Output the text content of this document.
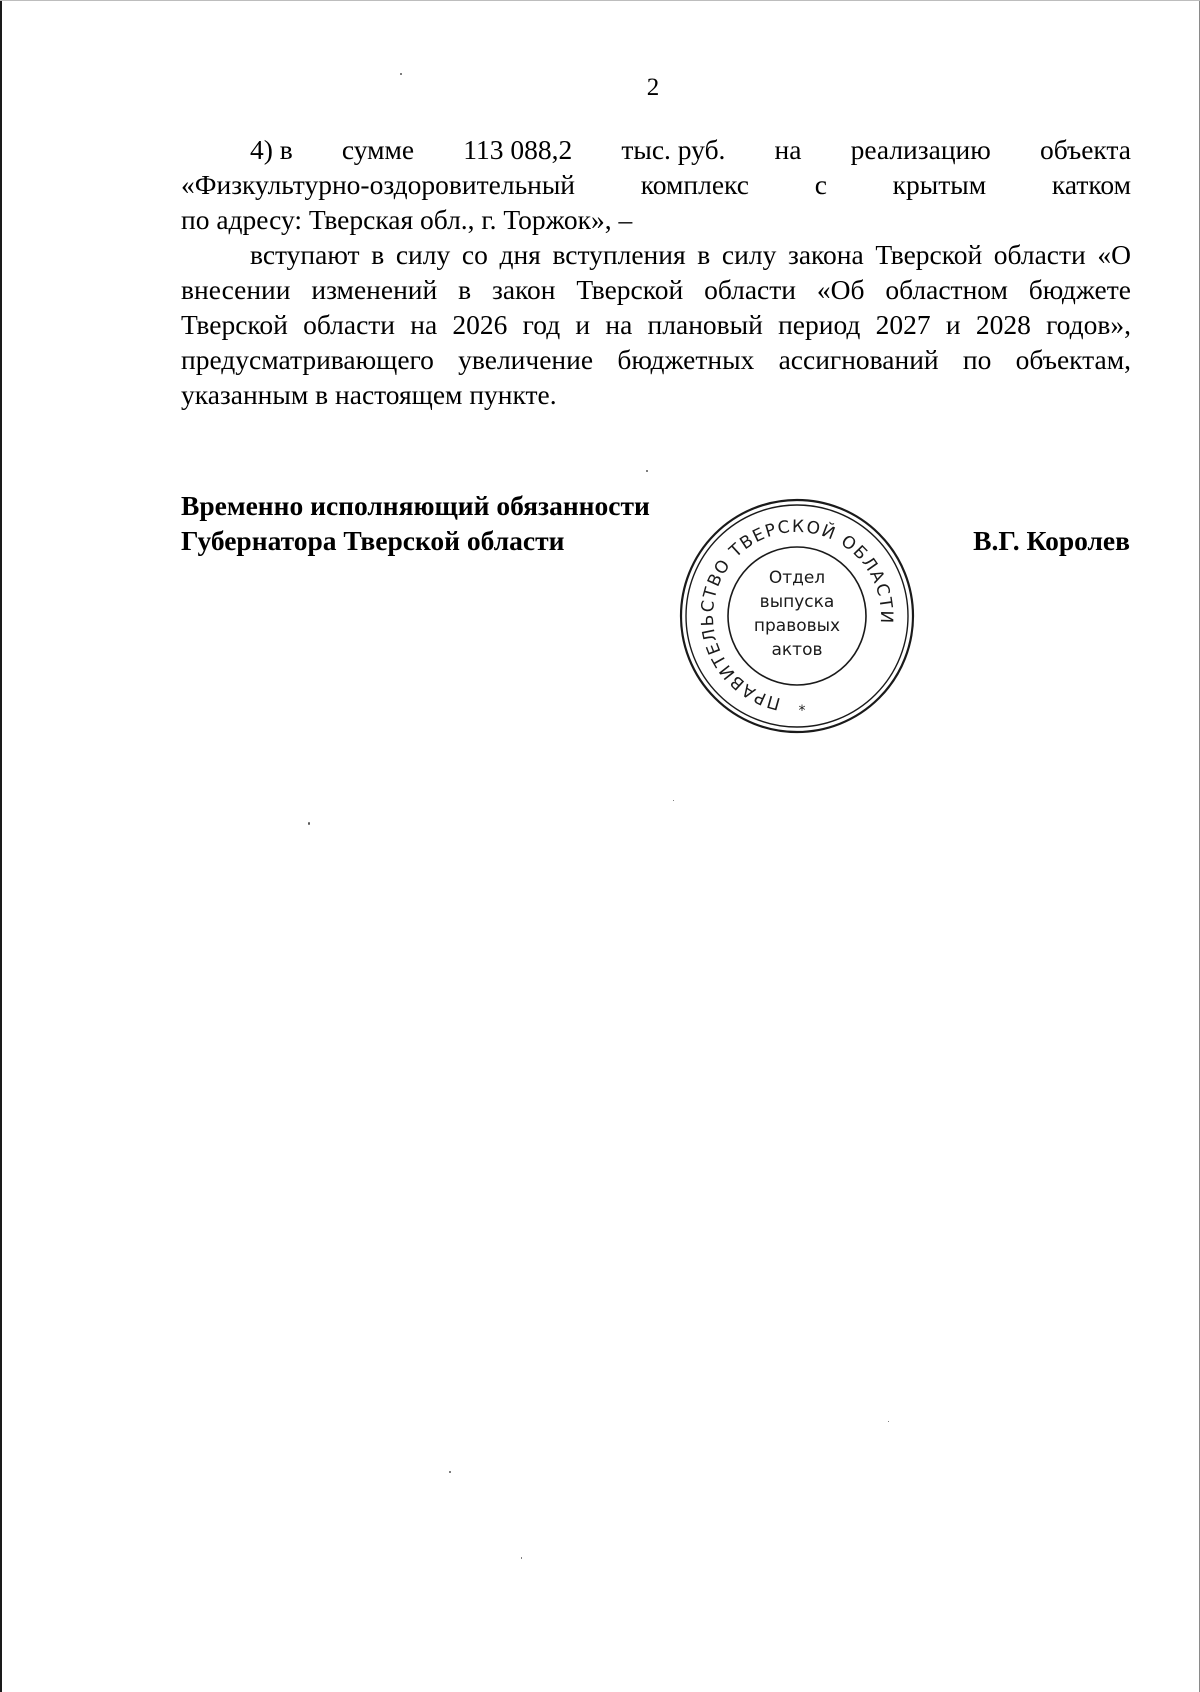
2
4) в сумме 113 088,2 тыс. руб. на реализацию объекта
«Физкультурно-оздоровительный комплекс с крытым катком
по адресу: Тверская обл., г. Торжок», –

вступают в силу со дня вступления в силу закона Тверской области «О внесении изменений в закон Тверской области «Об областном бюджете Тверской области на 2026 год и на плановый период 2027 и 2028 годов», предусматривающего увеличение бюджетных ассигнований по объектам, указанным в настоящем пункте.

Временно исполняющий обязанности
Губернатора Тверской области	В.Г. Королев
ПРАВИТЕЛЬСТВО ТВЕРСКОЙ ОБЛАСТИ
*
Отдел
выпуска
правовых
актов
